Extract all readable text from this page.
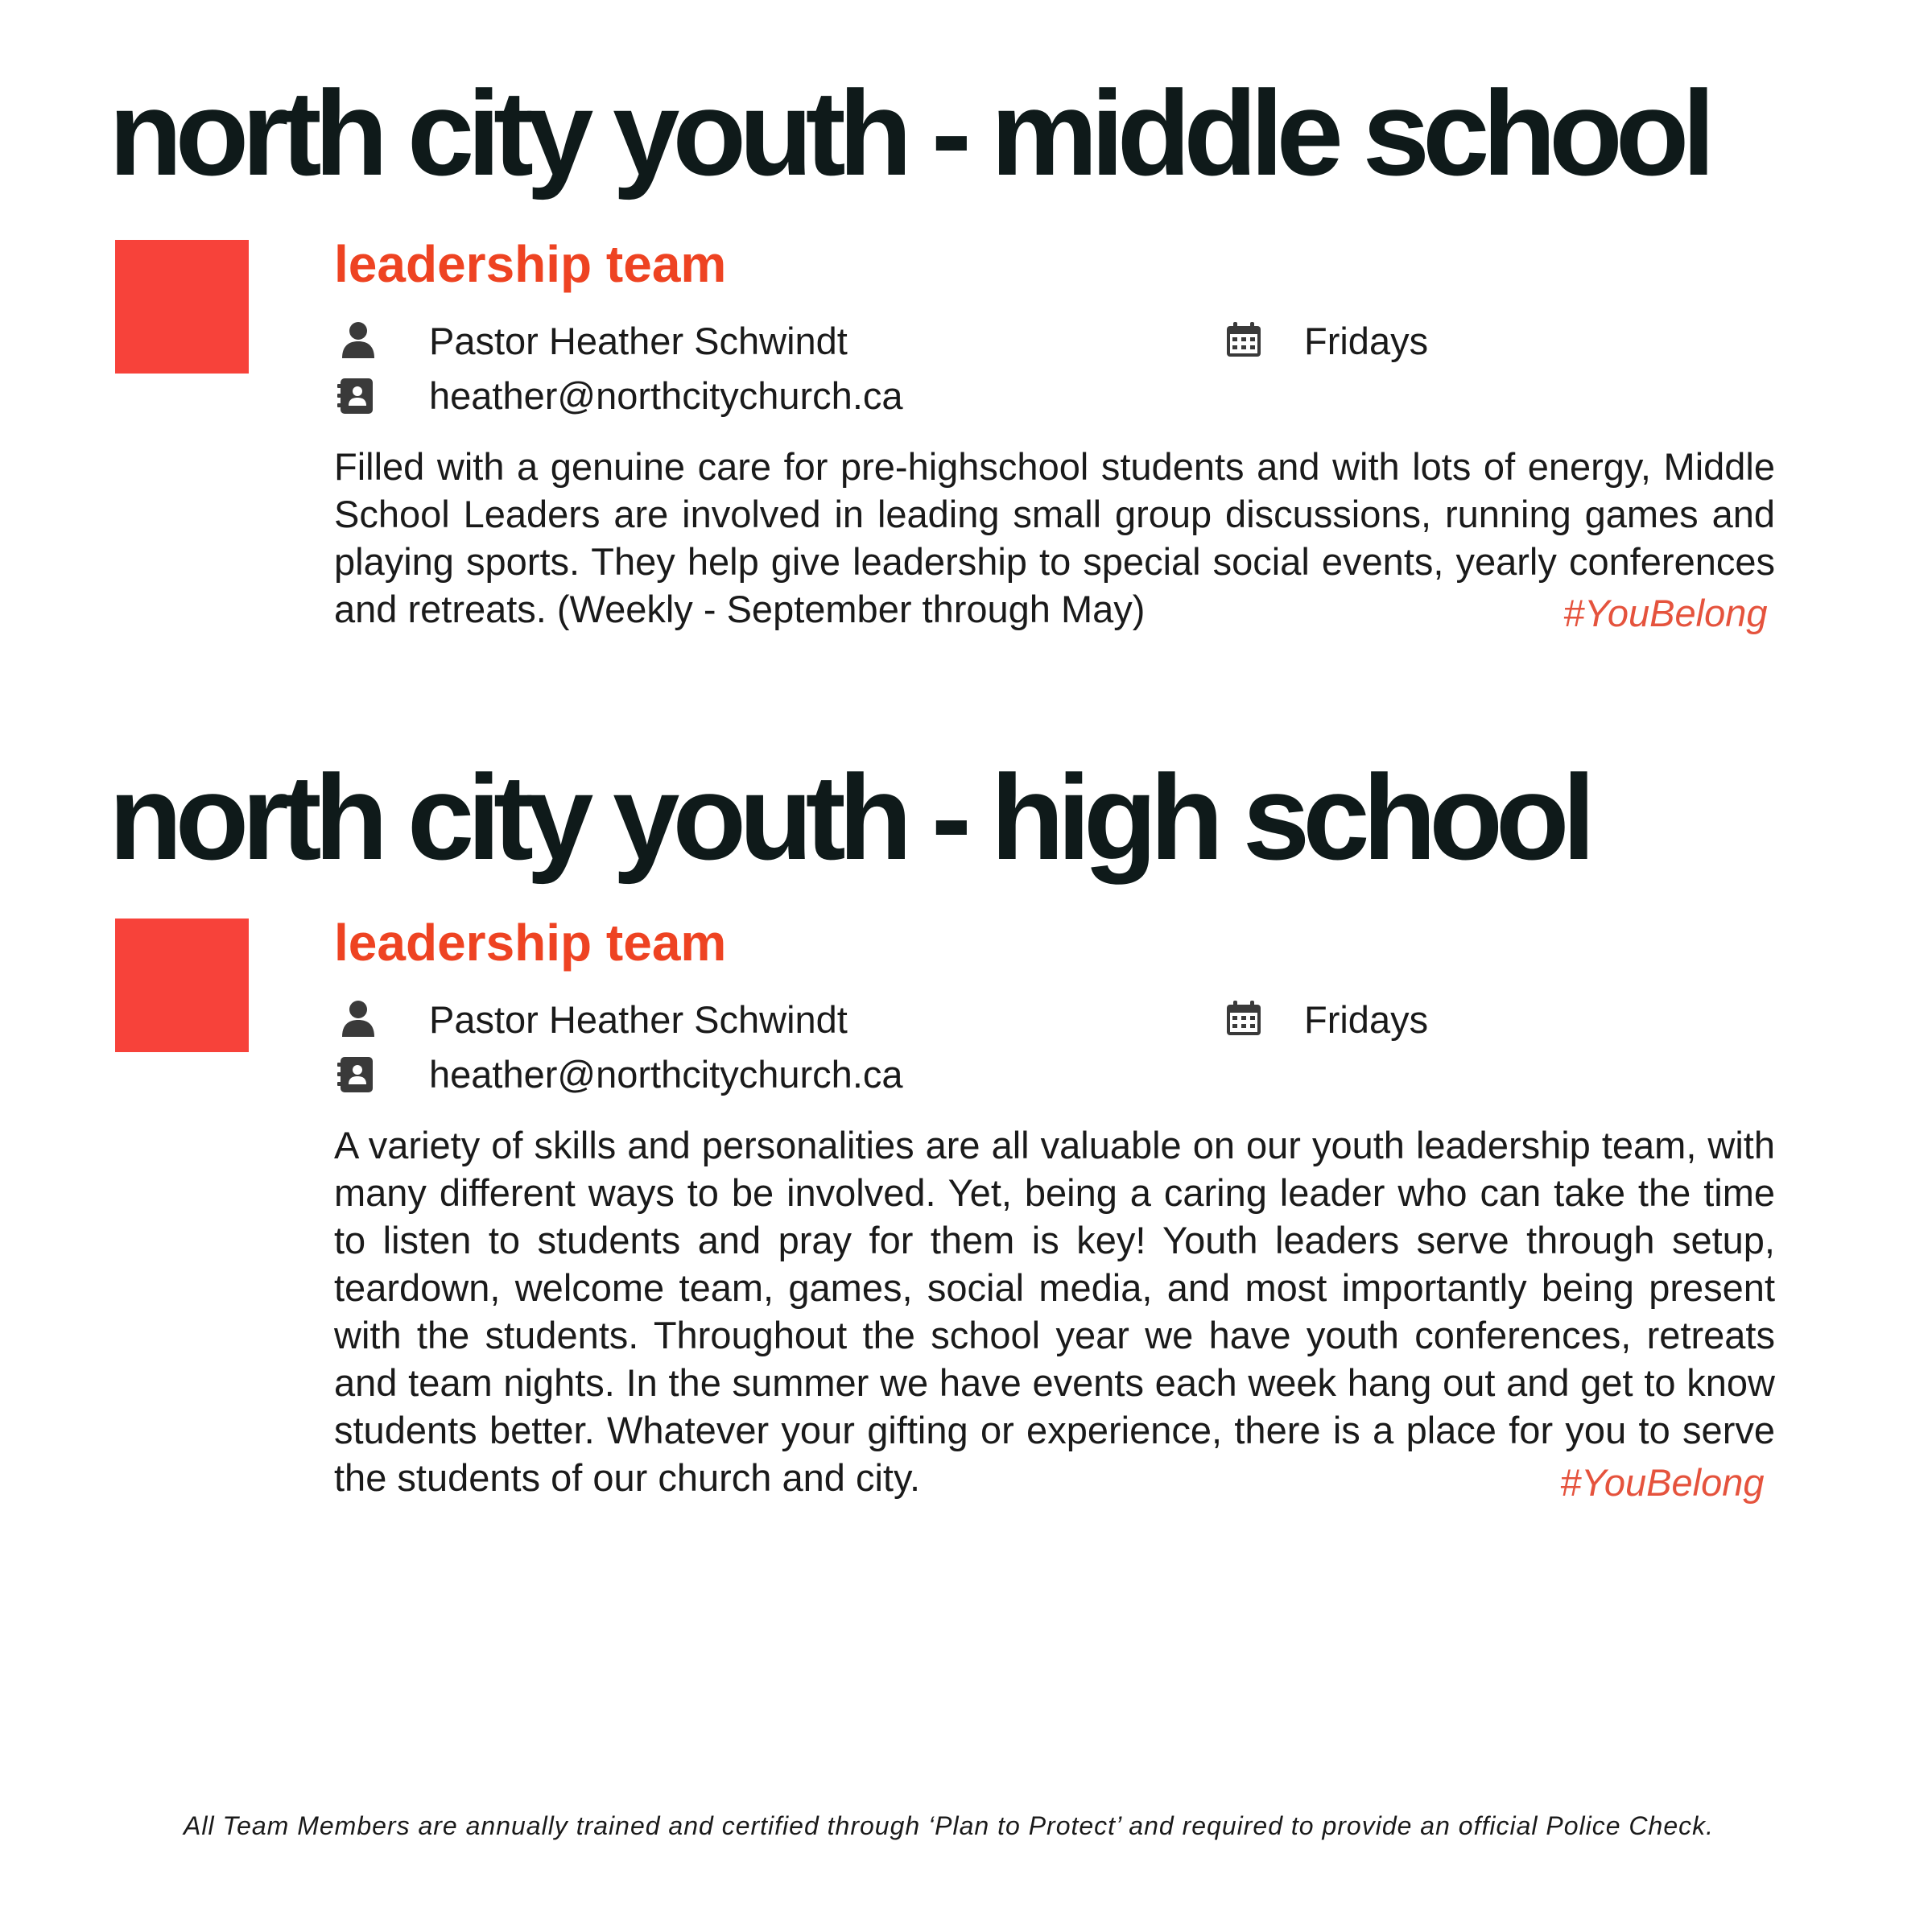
north city youth - middle school
leadership team
Pastor Heather Schwindt	Fridays
heather@northcitychurch.ca

Filled with a genuine care for pre-highschool students and with lots of energy, Middle School Leaders are involved in leading small group discussions, running games and playing sports. They help give leadership to special social events, yearly conferences and retreats. (Weekly - September through May)	#YouBelong
north city youth - high school
leadership team
Pastor Heather Schwindt	Fridays
heather@northcitychurch.ca

A variety of skills and personalities are all valuable on our youth leadership team, with many different ways to be involved. Yet, being a caring leader who can take the time to listen to students and pray for them is key! Youth leaders serve through setup, teardown, welcome team, games, social media, and most importantly being present with the students. Throughout the school year we have youth conferences, retreats and team nights. In the summer we have events each week hang out and get to know students better. Whatever your gifting or experience, there is a place for you to serve the students of our church and city.	#YouBelong

All Team Members are annually trained and certified through ‘Plan to Protect’ and required to provide an official Police Check.
